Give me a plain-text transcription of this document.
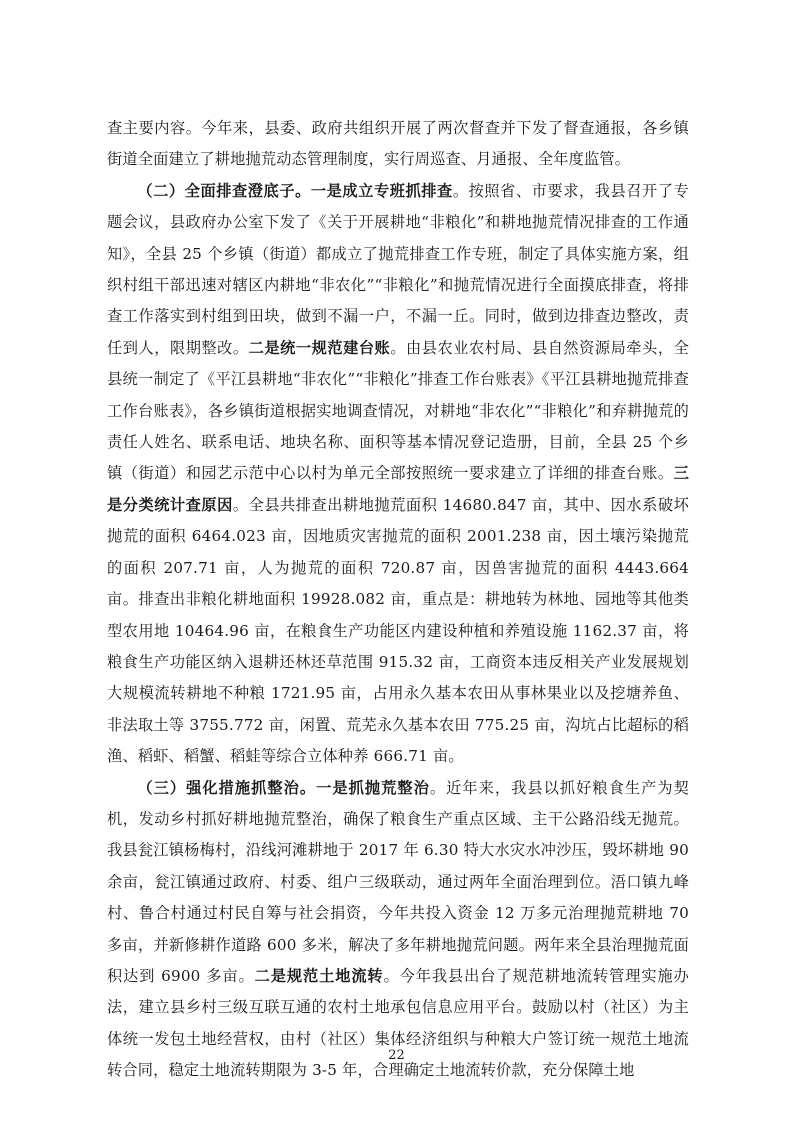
查主要内容。今年来，县委、政府共组织开展了两次督查并下发了督查通报，各乡镇街道全面建立了耕地抛荒动态管理制度，实行周巡查、月通报、全年度监管。

（二）全面排查澄底子。一是成立专班抓排查。按照省、市要求，我县召开了专题会议，县政府办公室下发了《关于开展耕地“非粮化”和耕地抛荒情况排查的工作通知》，全县 25 个乡镇（街道）都成立了抛荒排查工作专班，制定了具体实施方案，组织村组干部迅速对辖区内耕地“非农化”“非粮化”和抛荒情况进行全面摸底排查，将排查工作落实到村组到田块，做到不漏一户，不漏一丘。同时，做到边排查边整改，责任到人，限期整改。二是统一规范建台账。由县农业农村局、县自然资源局牵头，全县统一制定了《平江县耕地“非农化”“非粮化”排查工作台账表》《平江县耕地抛荒排查工作台账表》，各乡镇街道根据实地调查情况，对耕地“非农化”“非粮化”和弃耕抛荒的责任人姓名、联系电话、地块名称、面积等基本情况登记造册，目前，全县 25 个乡镇（街道）和园艺示范中心以村为单元全部按照统一要求建立了详细的排查台账。三是分类统计查原因。全县共排查出耕地抛荒面积 14680.847 亩，其中、因水系破坏抛荒的面积 6464.023 亩，因地质灾害抛荒的面积 2001.238 亩，因土壤污染抛荒的面积 207.71 亩，人为抛荒的面积 720.87 亩，因兽害抛荒的面积 4443.664 亩。排查出非粮化耕地面积 19928.082 亩，重点是：耕地转为林地、园地等其他类型农用地 10464.96 亩，在粮食生产功能区内建设种植和养殖设施 1162.37 亩，将粮食生产功能区纳入退耕还林还草范围 915.32 亩，工商资本违反相关产业发展规划大规模流转耕地不种粮 1721.95 亩，占用永久基本农田从事林果业以及挖塘养鱼、非法取土等 3755.772 亩，闲置、荒芜永久基本农田 775.25 亩，沟坑占比超标的稻渔、稻虾、稻蟹、稻蛙等综合立体种养 666.71 亩。

（三）强化措施抓整治。一是抓抛荒整治。近年来，我县以抓好粮食生产为契机，发动乡村抓好耕地抛荒整治，确保了粮食生产重点区域、主干公路沿线无抛荒。我县瓮江镇杨梅村，沿线河滩耕地于 2017 年 6.30 特大水灾水冲沙压，毁坏耕地 90 余亩，瓮江镇通过政府、村委、组户三级联动，通过两年全面治理到位。浯口镇九峰村、鲁合村通过村民自筹与社会捐资，今年共投入资金 12 万多元治理抛荒耕地 70 多亩，并新修耕作道路 600 多米，解决了多年耕地抛荒问题。两年来全县治理抛荒面积达到 6900 多亩。二是规范土地流转。今年我县出台了规范耕地流转管理实施办法，建立县乡村三级互联互通的农村土地承包信息应用平台。鼓励以村（社区）为主体统一发包土地经营权，由村（社区）集体经济组织与种粮大户签订统一规范土地流转合同，稳定土地流转期限为 3-5 年，合理确定土地流转价款，充分保障土地

22
